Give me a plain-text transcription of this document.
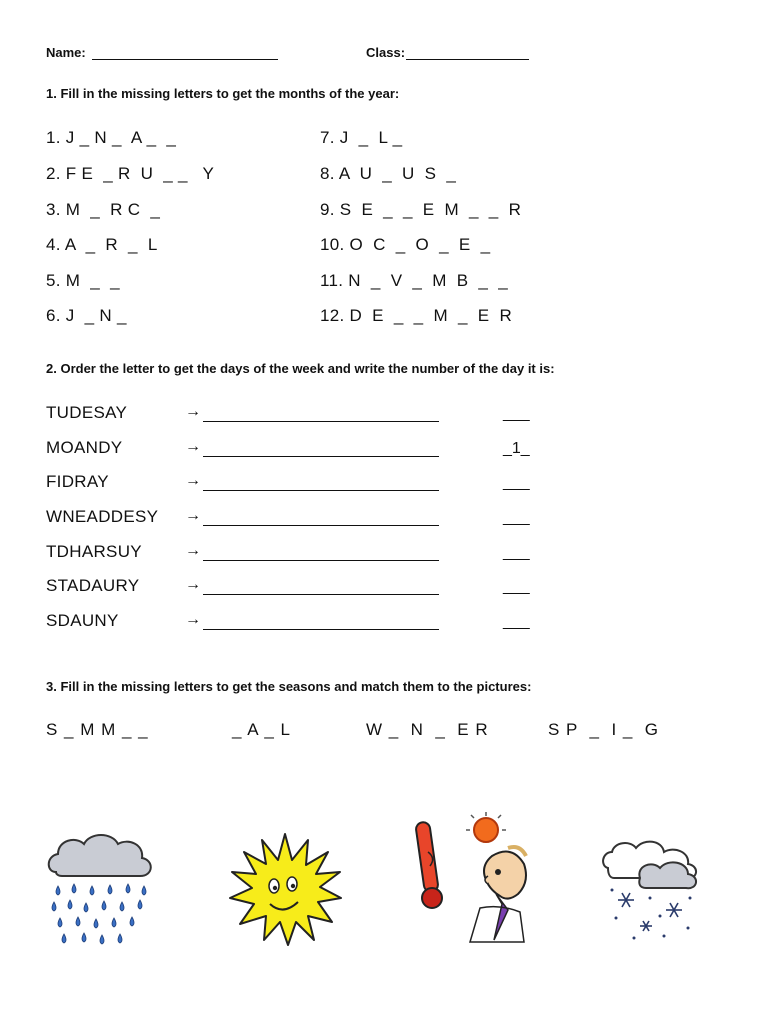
Name:	Class:
1. Fill in the missing letters to get the months of the year:
1. J _ N _  A _  _
2. F E  _ R  U  _ _   Y
3. M  _  R C  _
4. A  _  R  _  L
5. M  _  _
6. J  _ N _
7. J  _  L _
8. A  U  _  U  S  _
9. S  E  _  _  E  M  _  _  R
10. O  C  _  O  _  E  _
11. N  _  V  _  M  B  _  _
12. D  E  _  _  M  _  E  R
2. Order the letter to get the days of the week and write the number of the day it is:
TUDESAY	→	___
MOANDY	→	_1_
FIDRAY	→	___
WNEADDESY →	___
TDHARSUY	→	___
STADAURY	→	___
SDAUNY	→	___
3. Fill in the missing letters to get the seasons and match them to the pictures:
S _ M M _ _	_ A _ L	W _  N  _  E R	S P  _  I _  G
